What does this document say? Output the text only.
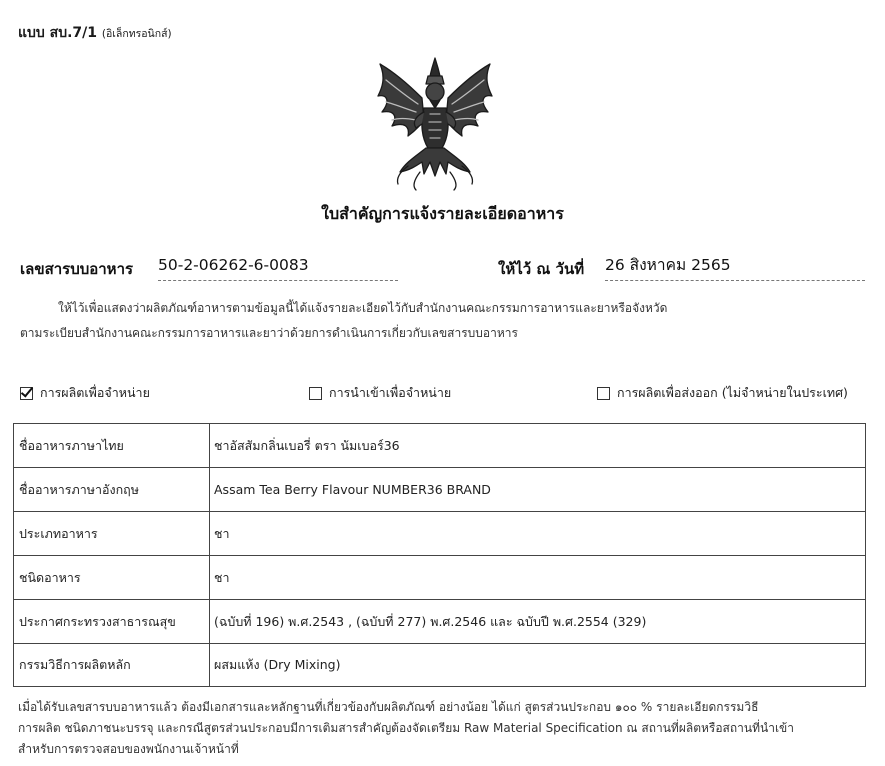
แบบ สบ.7/1 (อิเล็กทรอนิกส์)
ใบสำคัญการแจ้งรายละเอียดอาหาร
เลขสารบบอาหาร 50-2-06262-6-0083	ให้ไว้ ณ วันที่ 26 สิงหาคม 2565
ให้ไว้เพื่อแสดงว่าผลิตภัณฑ์อาหารตามข้อมูลนี้ได้แจ้งรายละเอียดไว้กับสำนักงานคณะกรรมการอาหารและยาหรือจังหวัด
ตามระเบียบสำนักงานคณะกรรมการอาหารและยาว่าด้วยการดำเนินการเกี่ยวกับเลขสารบบอาหาร
การผลิตเพื่อจำหน่าย	การนำเข้าเพื่อจำหน่าย	การผลิตเพื่อส่งออก (ไม่จำหน่ายในประเทศ)
ชื่ออาหารภาษาไทย	ชาอัสสัมกลิ่นเบอรี่ ตรา นัมเบอร์36
ชื่ออาหารภาษาอังกฤษ	Assam Tea Berry Flavour NUMBER36 BRAND
ประเภทอาหาร	ชา
ชนิดอาหาร	ชา
ประกาศกระทรวงสาธารณสุข	(ฉบับที่ 196) พ.ศ.2543 , (ฉบับที่ 277) พ.ศ.2546 และ ฉบับปี พ.ศ.2554 (329)
กรรมวิธีการผลิตหลัก	ผสมแห้ง (Dry Mixing)
เมื่อได้รับเลขสารบบอาหารแล้ว ต้องมีเอกสารและหลักฐานที่เกี่ยวข้องกับผลิตภัณฑ์ อย่างน้อย ได้แก่ สูตรส่วนประกอบ ๑๐๐ % รายละเอียดกรรมวิธี
การผลิต ชนิดภาชนะบรรจุ และกรณีสูตรส่วนประกอบมีการเติมสารสำคัญต้องจัดเตรียม Raw Material Specification ณ สถานที่ผลิตหรือสถานที่นำเข้า
สำหรับการตรวจสอบของพนักงานเจ้าหน้าที่
